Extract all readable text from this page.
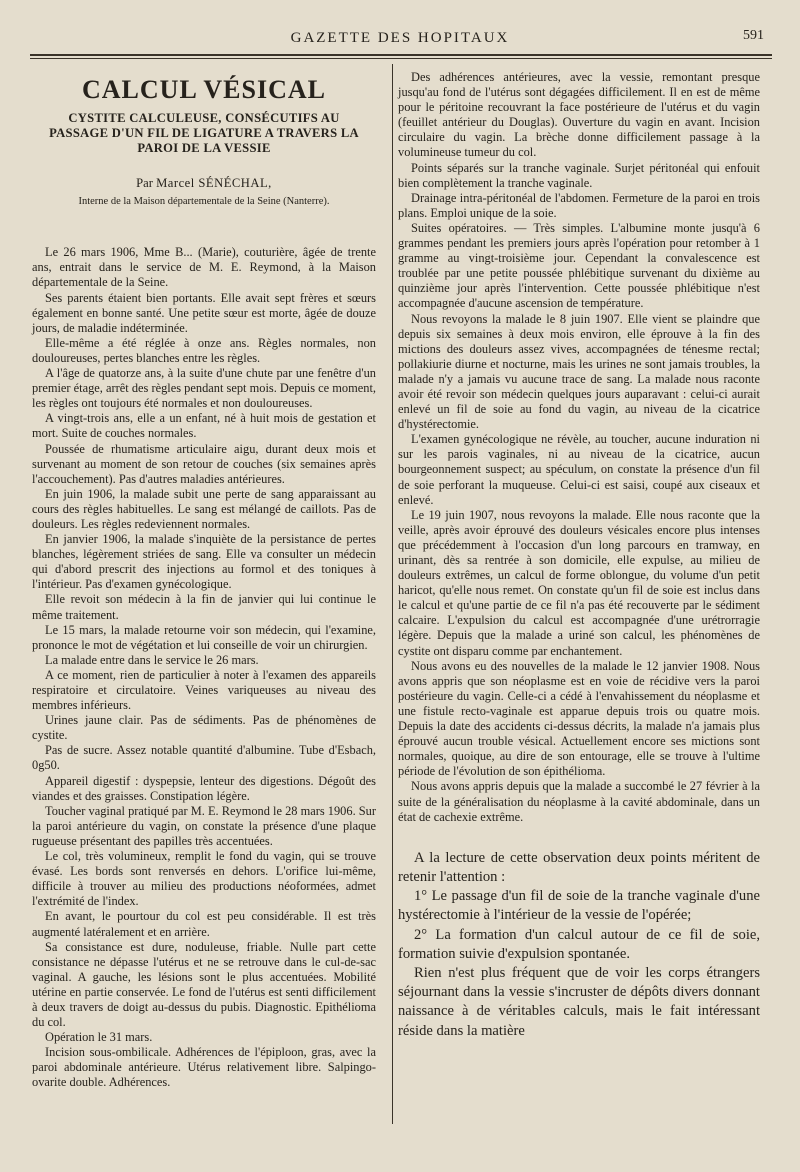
GAZETTE DES HOPITAUX	591
CALCUL VÉSICAL
CYSTITE CALCULEUSE, CONSÉCUTIFS AU PASSAGE D'UN FIL DE LIGATURE A TRAVERS LA PAROI DE LA VESSIE
Par Marcel SÉNÉCHAL,
Interne de la Maison départementale de la Seine (Nanterre).

Le 26 mars 1906, Mme B... (Marie), couturière, âgée de trente ans, entrait dans le service de M. E. Reymond, à la Maison départementale de la Seine.

Ses parents étaient bien portants. Elle avait sept frères et sœurs également en bonne santé. Une petite sœur est morte, âgée de douze jours, de maladie indéterminée.

Elle-même a été réglée à onze ans. Règles normales, non douloureuses, pertes blanches entre les règles.

A l'âge de quatorze ans, à la suite d'une chute par une fenêtre d'un premier étage, arrêt des règles pendant sept mois. Depuis ce moment, les règles ont toujours été normales et non douloureuses.

A vingt-trois ans, elle a un enfant, né à huit mois de gestation et mort. Suite de couches normales.

Poussée de rhumatisme articulaire aigu, durant deux mois et survenant au moment de son retour de couches (six semaines après l'accouchement). Pas d'autres maladies antérieures.

En juin 1906, la malade subit une perte de sang apparaissant au cours des règles habituelles. Le sang est mélangé de caillots. Pas de douleurs. Les règles redeviennent normales.

En janvier 1906, la malade s'inquiète de la persistance de pertes blanches, légèrement striées de sang. Elle va consulter un médecin qui d'abord prescrit des injections au formol et des toniques à l'intérieur. Pas d'examen gynécologique.

Elle revoit son médecin à la fin de janvier qui lui continue le même traitement.

Le 15 mars, la malade retourne voir son médecin, qui l'examine, prononce le mot de végétation et lui conseille de voir un chirurgien.

La malade entre dans le service le 26 mars.

A ce moment, rien de particulier à noter à l'examen des appareils respiratoire et circulatoire. Veines variqueuses au niveau des membres inférieurs.

Urines jaune clair. Pas de sédiments. Pas de phénomènes de cystite.

Pas de sucre. Assez notable quantité d'albumine. Tube d'Esbach, 0g50.

Appareil digestif : dyspepsie, lenteur des digestions. Dégoût des viandes et des graisses. Constipation légère.

Toucher vaginal pratiqué par M. E. Reymond le 28 mars 1906. Sur la paroi antérieure du vagin, on constate la présence d'une plaque rugueuse présentant des papilles très accentuées.

Le col, très volumineux, remplit le fond du vagin, qui se trouve évasé. Les bords sont renversés en dehors. L'orifice lui-même, difficile à trouver au milieu des productions néoformées, admet l'extrémité de l'index.

En avant, le pourtour du col est peu considérable. Il est très augmenté latéralement et en arrière.

Sa consistance est dure, noduleuse, friable. Nulle part cette consistance ne dépasse l'utérus et ne se retrouve dans le cul-de-sac vaginal. A gauche, les lésions sont le plus accentuées. Mobilité utérine en partie conservée. Le fond de l'utérus est senti difficilement à deux travers de doigt au-dessus du pubis. Diagnostic. Epithélioma du col.

Opération le 31 mars.

Incision sous-ombilicale. Adhérences de l'épiploon, gras, avec la paroi abdominale antérieure. Utérus relativement libre. Salpingo-ovarite double. Adhérences.

Des adhérences antérieures, avec la vessie, remontant presque jusqu'au fond de l'utérus sont dégagées difficilement. Il en est de même pour le péritoine recouvrant la face postérieure de l'utérus et du vagin (feuillet antérieur du Douglas). Ouverture du vagin en avant. Incision circulaire du vagin. La brèche donne difficilement passage à la volumineuse tumeur du col.

Points séparés sur la tranche vaginale. Surjet péritonéal qui enfouit bien complètement la tranche vaginale.

Drainage intra-péritonéal de l'abdomen. Fermeture de la paroi en trois plans. Emploi unique de la soie.

Suites opératoires. — Très simples. L'albumine monte jusqu'à 6 grammes pendant les premiers jours après l'opération pour retomber à 1 gramme au vingt-troisième jour. Cependant la convalescence est troublée par une petite poussée phlébitique survenant du dixième au quinzième jour après l'intervention. Cette poussée phlébitique n'est accompagnée d'aucune ascension de température.

Nous revoyons la malade le 8 juin 1907. Elle vient se plaindre que depuis six semaines à deux mois environ, elle éprouve à la fin des mictions des douleurs assez vives, accompagnées de ténesme rectal; pollakiurie diurne et nocturne, mais les urines ne sont jamais troubles, la malade n'y a jamais vu aucune trace de sang. La malade nous raconte avoir été revoir son médecin quelques jours auparavant : celui-ci aurait enlevé un fil de soie au fond du vagin, au niveau de la cicatrice d'hystérectomie.

L'examen gynécologique ne révèle, au toucher, aucune induration ni sur les parois vaginales, ni au niveau de la cicatrice, aucun bourgeonnement suspect; au spéculum, on constate la présence d'un fil de soie perforant la muqueuse. Celui-ci est saisi, coupé aux ciseaux et enlevé.

Le 19 juin 1907, nous revoyons la malade. Elle nous raconte que la veille, après avoir éprouvé des douleurs vésicales encore plus intenses que précédemment à l'occasion d'un long parcours en tramway, en urinant, dès sa rentrée à son domicile, elle expulse, au milieu de douleurs extrêmes, un calcul de forme oblongue, du volume d'un petit haricot, qu'elle nous remet. On constate qu'un fil de soie est inclus dans le calcul et qu'une partie de ce fil n'a pas été recouverte par le sédiment calcaire. L'expulsion du calcul est accompagnée d'une urétrorragie légère. Depuis que la malade a uriné son calcul, les phénomènes de cystite ont disparu comme par enchantement.

Nous avons eu des nouvelles de la malade le 12 janvier 1908. Nous avons appris que son néoplasme est en voie de récidive vers la paroi postérieure du vagin. Celle-ci a cédé à l'envahissement du néoplasme et une fistule recto-vaginale est apparue depuis trois ou quatre mois. Depuis la date des accidents ci-dessus décrits, la malade n'a jamais plus éprouvé aucun trouble vésical. Actuellement encore ses mictions sont normales, quoique, au dire de son entourage, elle se trouve à l'ultime période de l'évolution de son épithélioma.

Nous avons appris depuis que la malade a succombé le 27 février à la suite de la généralisation du néoplasme à la cavité abdominale, dans un état de cachexie extrême.

A la lecture de cette observation deux points méritent de retenir l'attention :

1° Le passage d'un fil de soie de la tranche vaginale d'une hystérectomie à l'intérieur de la vessie de l'opérée;

2° La formation d'un calcul autour de ce fil de soie, formation suivie d'expulsion spontanée.

Rien n'est plus fréquent que de voir les corps étrangers séjournant dans la vessie s'incruster de dépôts divers donnant naissance à de véritables calculs, mais le fait intéressant réside dans la matière
